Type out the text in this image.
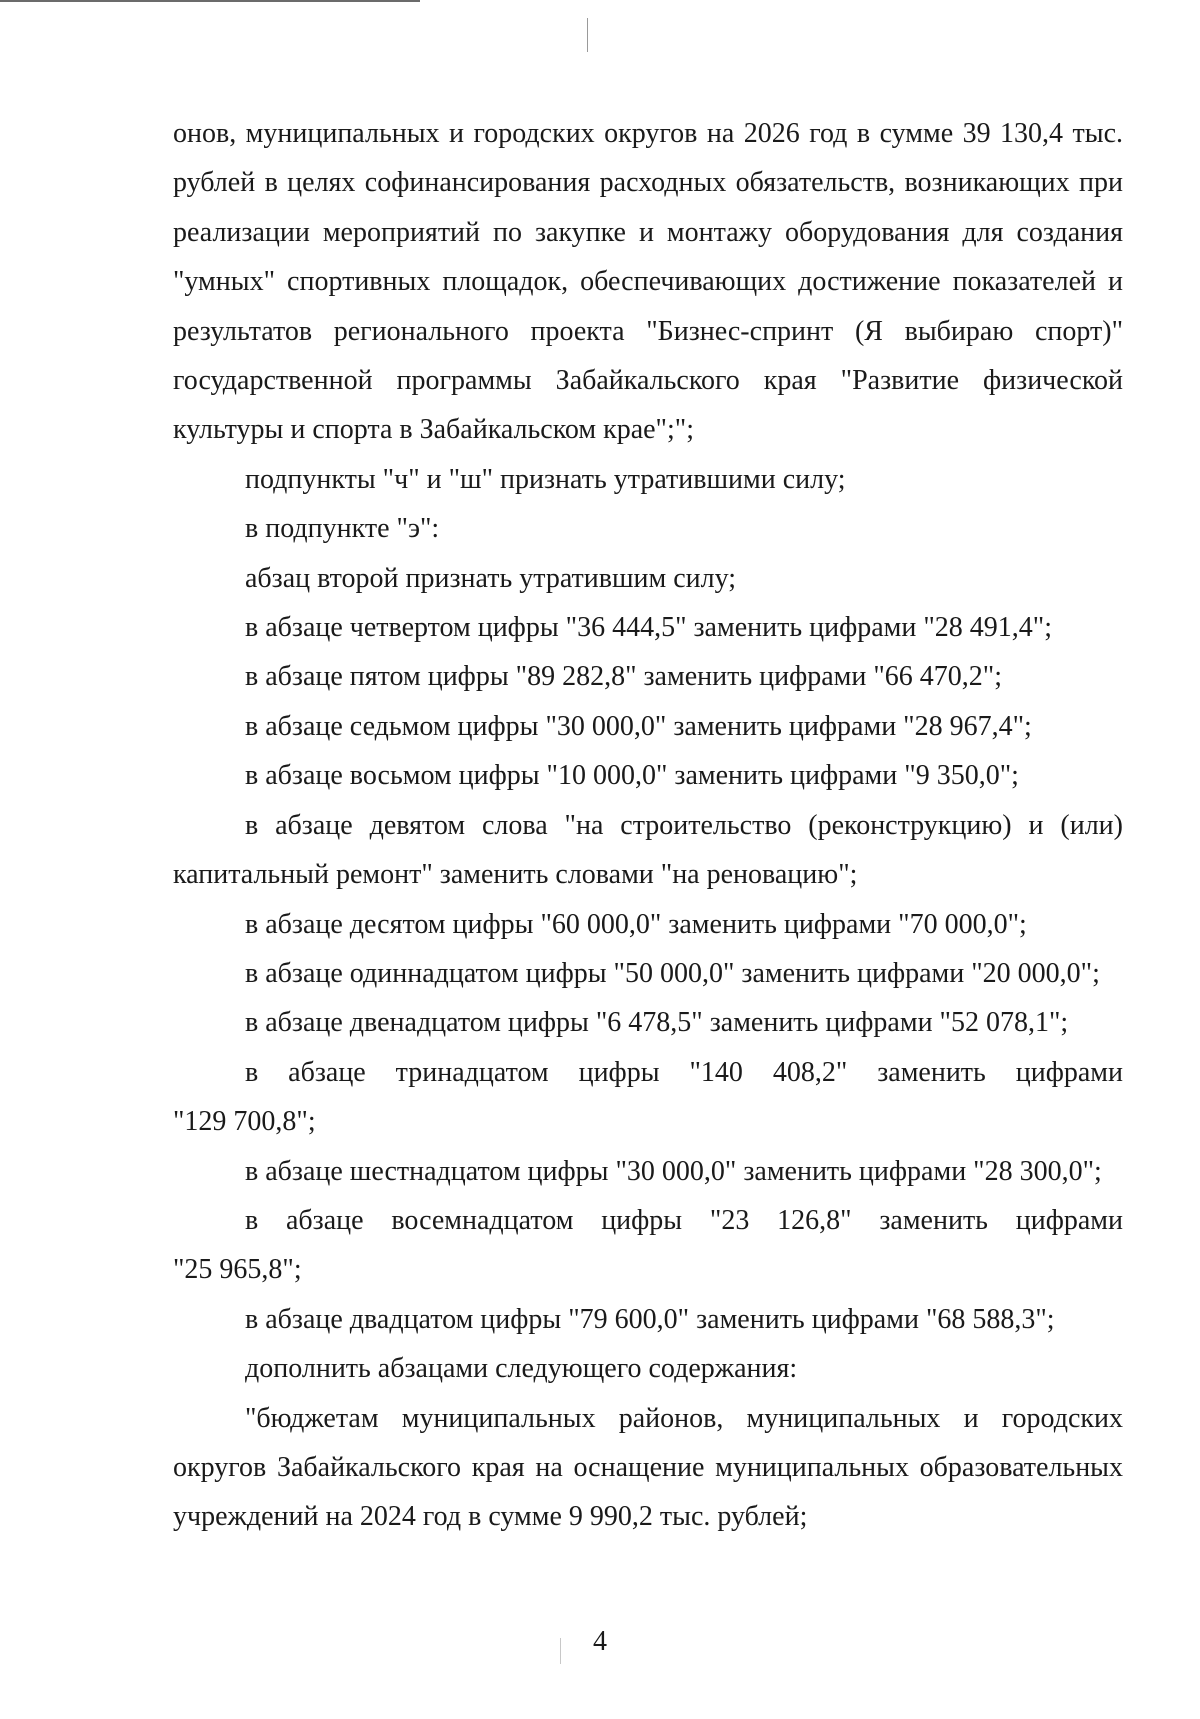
онов, муниципальных и городских округов на 2026 год в сумме 39 130,4 тыс. рублей в целях софинансирования расходных обязательств, возникающих при реализации мероприятий по закупке и монтажу оборудования для создания "умных" спортивных площадок, обеспечивающих достижение показателей и результатов регионального проекта "Бизнес-спринт (Я выбираю спорт)" государственной программы Забайкальского края "Развитие физической культуры и спорта в Забайкальском крае";";

подпункты "ч" и "ш" признать утратившими силу;

в подпункте "э":

абзац второй признать утратившим силу;

в абзаце четвертом цифры "36 444,5" заменить цифрами "28 491,4";

в абзаце пятом цифры "89 282,8" заменить цифрами "66 470,2";

в абзаце седьмом цифры "30 000,0" заменить цифрами "28 967,4";

в абзаце восьмом цифры "10 000,0" заменить цифрами "9 350,0";

в абзаце девятом слова "на строительство (реконструкцию) и (или) капитальный ремонт" заменить словами "на реновацию";

в абзаце десятом цифры "60 000,0" заменить цифрами "70 000,0";

в абзаце одиннадцатом цифры "50 000,0" заменить цифрами "20 000,0";

в абзаце двенадцатом цифры "6 478,5" заменить цифрами "52 078,1";

в абзаце тринадцатом цифры "140 408,2" заменить цифрами

"129 700,8";

в абзаце шестнадцатом цифры "30 000,0" заменить цифрами "28 300,0";

в абзаце восемнадцатом цифры "23 126,8" заменить цифрами

"25 965,8";

в абзаце двадцатом цифры "79 600,0" заменить цифрами "68 588,3";

дополнить абзацами следующего содержания:

"бюджетам муниципальных районов, муниципальных и городских округов Забайкальского края на оснащение муниципальных образовательных учреждений на 2024 год в сумме 9 990,2 тыс. рублей;

4
